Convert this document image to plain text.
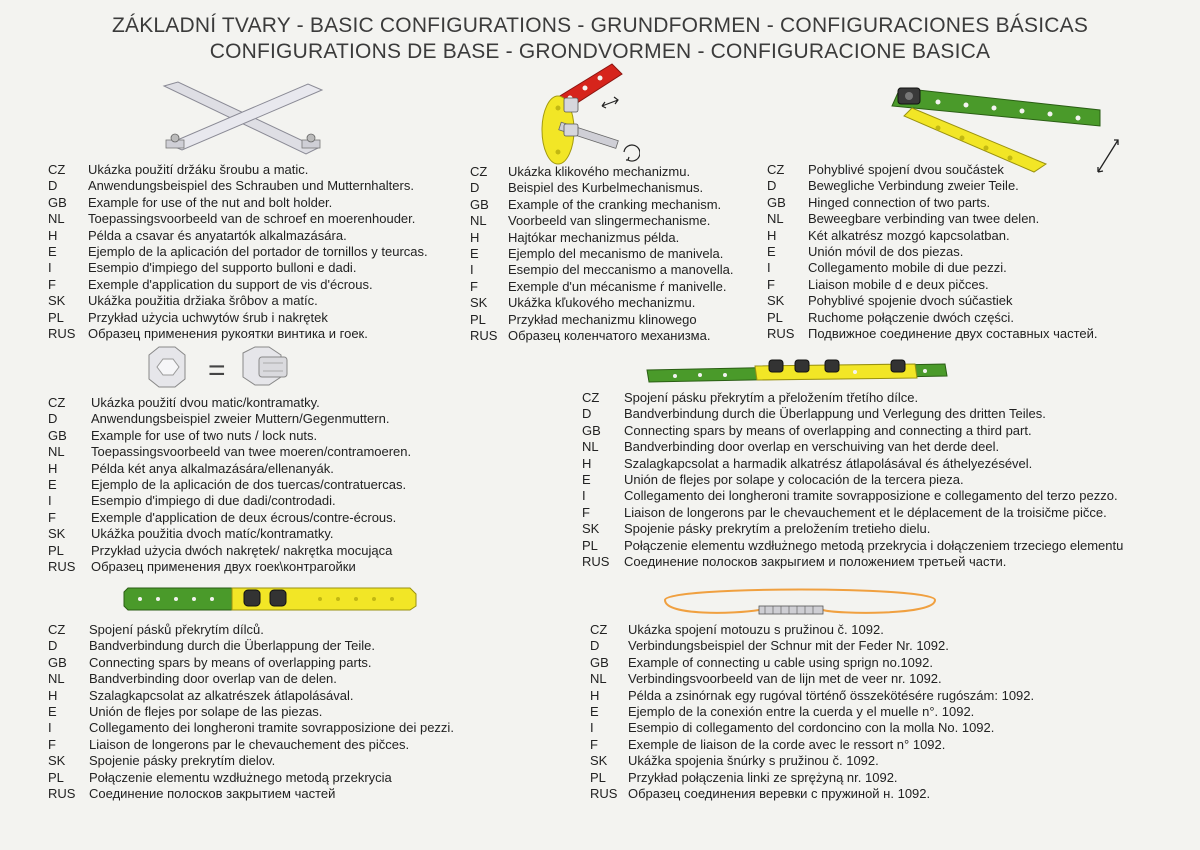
ZÁKLADNÍ TVARY - BASIC CONFIGURATIONS - GRUNDFORMEN - CONFIGURACIONES BÁSICAS
CONFIGURATIONS DE BASE - GRONDVORMEN - CONFIGURACIONE BASICA
=
CZ	Ukázka použití držáku šroubu a matic.
D	Anwendungsbeispiel des Schrauben und Mutternhalters.
GB	Example for use of the nut and bolt holder.
NL	Toepassingsvoorbeeld van de schroef en moerenhouder.
H	Példa a csavar és anyatartók alkalmazására.
E	Ejemplo de la aplicación del portador de tornillos y teurcas.
I	Esempio d'impiego del supporto bulloni e dadi.
F	Exemple d'application du support de vis d'écrous.
SK	Ukážka použitia držiaka šrôbov a matíc.
PL	Przykład użycia uchwytów śrub i nakrętek
RUS Образец применения рукоятки винтика и гоек.
CZ	Ukázka klikového mechanizmu.
D	Beispiel des Kurbelmechanismus.
GB	Example of the cranking mechanism.
NL	Voorbeeld van slingermechanisme.
H	Hajtókar mechanizmus példa.
E	Ejemplo del mecanismo de manivela.
I	Esempio del meccanismo a manovella.
F	Exemple d'un mécanisme ŕ manivelle.
SK	Ukážka kľukového mechanizmu.
PL	Przykład mechanizmu klinowego
RUS Образец коленчатого механизма.
CZ	Pohyblivé spojení dvou součástek
D	Bewegliche Verbindung zweier Teile.
GB	Hinged connection of two parts.
NL	Beweegbare verbinding van twee delen.
H	Két alkatrész mozgó kapcsolatban.
E	Unión móvil de dos piezas.
I	Collegamento mobile di due pezzi.
F	Liaison mobile d e deux pičces.
SK	Pohyblivé spojenie dvoch súčastiek
PL	Ruchome połączenie dwóch części.
RUS	Подвижное соединение двух составных частей.
CZ	Ukázka použití dvou matic/kontramatky.
D	Anwendungsbeispiel zweier Muttern/Gegenmuttern.
GB	Example for use of two nuts / lock nuts.
NL	Toepassingsvoorbeeld van twee moeren/contramoeren.
H	Példa két anya alkalmazására/ellenanyák.
E	Ejemplo de la aplicación de dos tuercas/contratuercas.
I	Esempio d'impiego di due dadi/controdadi.
F	Exemple d'application de deux écrous/contre-écrous.
SK	Ukážka použitia dvoch matíc/kontramatky.
PL	Przykład użycia dwóch nakrętek/ nakrętka mocująca
RUS	Образец применения двух гоек\контрагойки
CZ	Spojení pásku překrytím a přeložením třetího dílce.
D	Bandverbindung durch die Überlappung und Verlegung des dritten Teiles.
GB	Connecting spars by means of overlapping and connecting a third part.
NL	Bandverbinding door overlap en verschuiving van het derde deel.
H	Szalagkapcsolat a harmadik alkatrész átlapolásával és áthelyezésével.
E	Unión de flejes por solape y colocación de la tercera pieza.
I	Collegamento dei longheroni tramite sovrapposizione e collegamento del terzo pezzo.
F	Liaison de longerons par le chevauchement et le déplacement de la troisičme pičce.
SK	Spojenie pásky prekrytím a preložením tretieho dielu.
PL	Połączenie elementu wzdłużnego metodą przekrycia i dołączeniem trzeciego elementu
RUS	Соединение полосков закрыгием и положением третьей части.
CZ	Spojení pásků překrytím dílců.
D	Bandverbindung durch die Überlappung der Teile.
GB	Connecting spars by means of overlapping parts.
NL	Bandverbinding door overlap van de delen.
H	Szalagkapcsolat az alkatrészek átlapolásával.
E	Unión de flejes por solape de las piezas.
I	Collegamento dei longheroni tramite sovrapposizione dei pezzi.
F	Liaison de longerons par le chevauchement des pičces.
SK	Spojenie pásky prekrytím dielov.
PL	Połączenie elementu wzdłużnego metodą przekrycia
RUS	Соединение полосков закрытием частей
CZ	Ukázka spojení motouzu s pružinou č. 1092.
D	Verbindungsbeispiel der Schnur mit der Feder Nr. 1092.
GB	Example of connecting u cable using sprign no.1092.
NL	Verbindingsvoorbeeld van de lijn met de veer nr. 1092.
H	Példa a zsinórnak egy rugóval történő összekötésére rugószám: 1092.
E	Ejemplo de la conexión entre la cuerda y el muelle n°. 1092.
I	Esempio di collegamento del cordoncino con la molla No. 1092.
F	Exemple de liaison de la corde avec le ressort n° 1092.
SK	Ukážka spojenia šnúrky s pružinou č. 1092.
PL	Przykład połączenia linki ze sprężyną nr. 1092.
RUS Образец соединения веревки с пружиной н. 1092.
